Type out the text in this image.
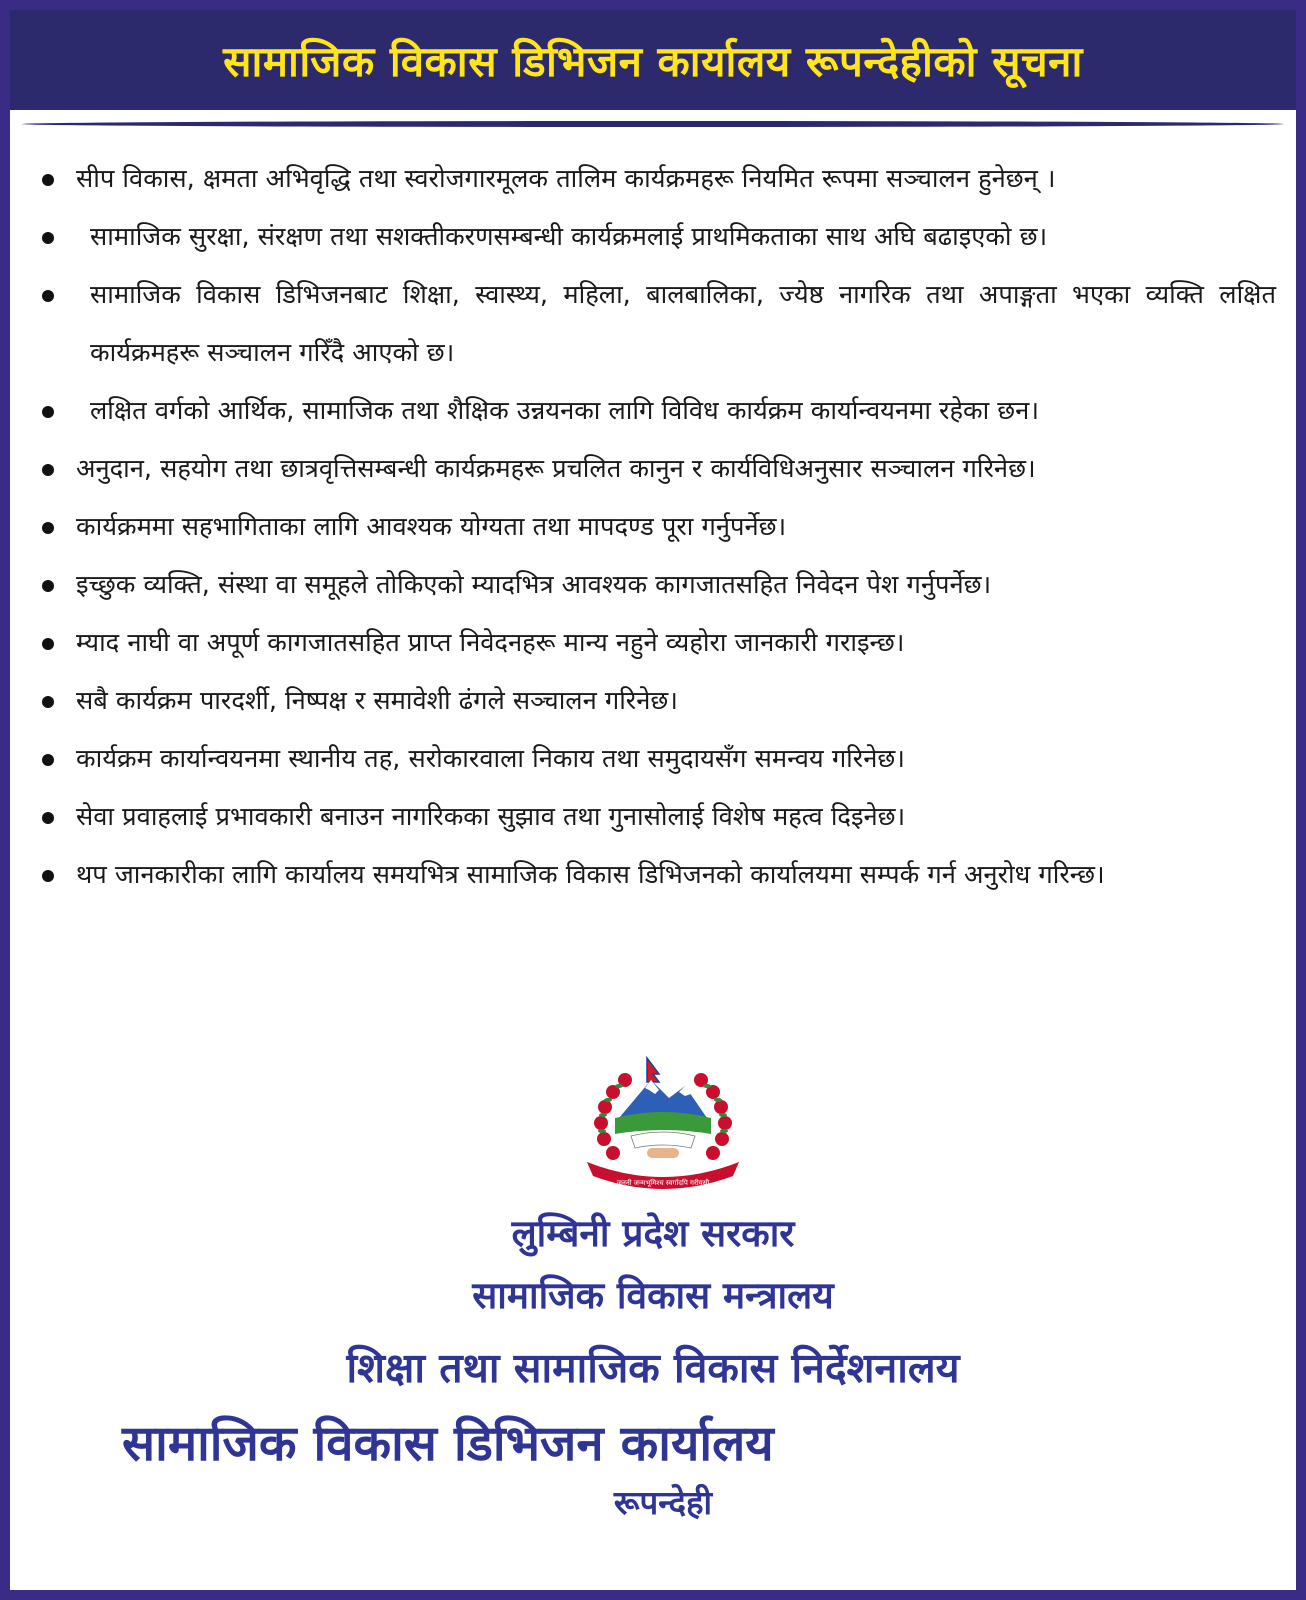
सामाजिक विकास डिभिजन कार्यालय रूपन्देहीको सूचना
सीप विकास, क्षमता अभिवृद्धि तथा स्वरोजगारमूलक तालिम कार्यक्रमहरू नियमित रूपमा सञ्चालन हुनेछन् ।
सामाजिक सुरक्षा, संरक्षण तथा सशक्तीकरणसम्बन्धी कार्यक्रमलाई प्राथमिकताका साथ अघि बढाइएको छ।
सामाजिक विकास डिभिजनबाट शिक्षा, स्वास्थ्य, महिला, बालबालिका, ज्येष्ठ नागरिक तथा अपाङ्गता भएका व्यक्ति लक्षित कार्यक्रमहरू सञ्चालन गरिँदै आएको छ।
लक्षित वर्गको आर्थिक, सामाजिक तथा शैक्षिक उन्नयनका लागि विविध कार्यक्रम कार्यान्वयनमा रहेका छन।
अनुदान, सहयोग तथा छात्रवृत्तिसम्बन्धी कार्यक्रमहरू प्रचलित कानुन र कार्यविधिअनुसार सञ्चालन गरिनेछ।
कार्यक्रममा सहभागिताका लागि आवश्यक योग्यता तथा मापदण्ड पूरा गर्नुपर्नेछ।
इच्छुक व्यक्ति, संस्था वा समूहले तोकिएको म्यादभित्र आवश्यक कागजातसहित निवेदन पेश गर्नुपर्नेछ।
म्याद नाघी वा अपूर्ण कागजातसहित प्राप्त निवेदनहरू मान्य नहुने व्यहोरा जानकारी गराइन्छ।
सबै कार्यक्रम पारदर्शी, निष्पक्ष र समावेशी ढंगले सञ्चालन गरिनेछ।
कार्यक्रम कार्यान्वयनमा स्थानीय तह, सरोकारवाला निकाय तथा समुदायसँग समन्वय गरिनेछ।
सेवा प्रवाहलाई प्रभावकारी बनाउन नागरिकका सुझाव तथा गुनासोलाई विशेष महत्व दिइनेछ।
थप जानकारीका लागि कार्यालय समयभित्र सामाजिक विकास डिभिजनको कार्यालयमा सम्पर्क गर्न अनुरोध गरिन्छ।
जननी जन्मभूमिश्च स्वर्गादपि गरीयसी
लुम्बिनी प्रदेश सरकार
सामाजिक विकास मन्त्रालय
शिक्षा तथा सामाजिक विकास निर्देशनालय
सामाजिक विकास डिभिजन कार्यालय
रूपन्देही
